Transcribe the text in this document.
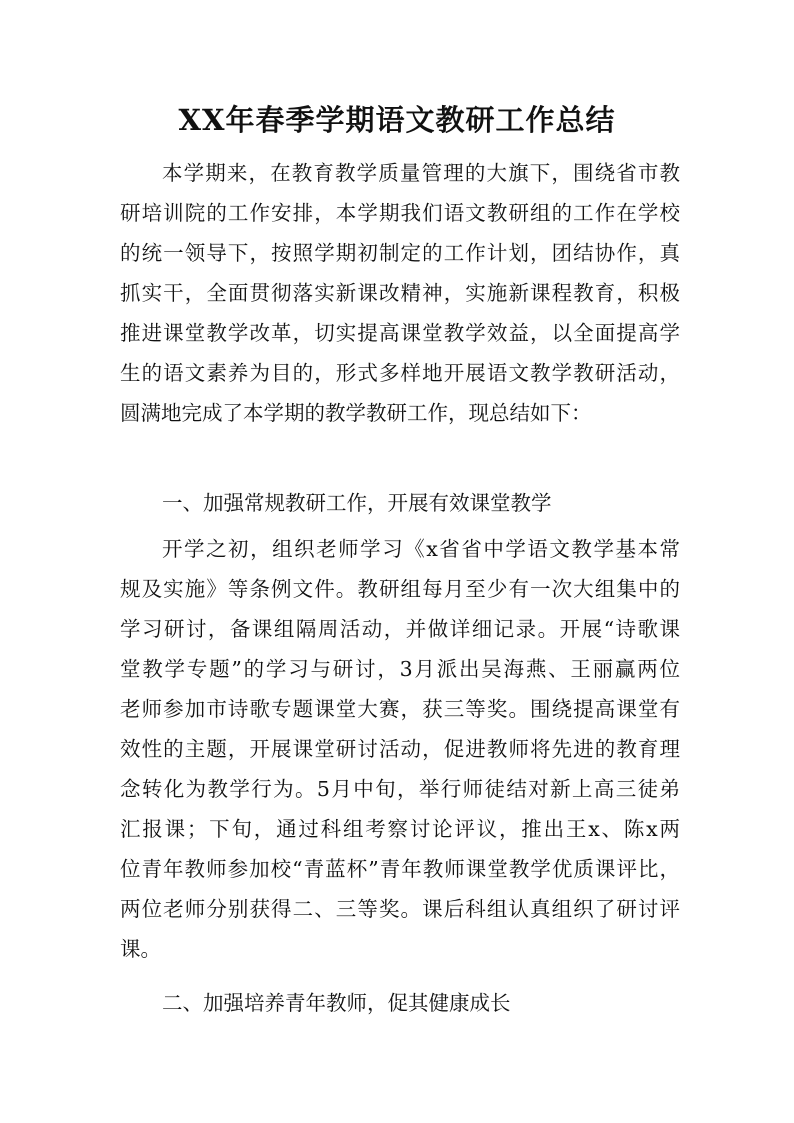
XX年春季学期语文教研工作总结

本学期来，在教育教学质量管理的大旗下，围绕省市教

研培训院的工作安排，本学期我们语文教研组的工作在学校

的统一领导下，按照学期初制定的工作计划，团结协作，真

抓实干，全面贯彻落实新课改精神，实施新课程教育，积极

推进课堂教学改革，切实提高课堂教学效益，以全面提高学

生的语文素养为目的，形式多样地开展语文教学教研活动，

圆满地完成了本学期的教学教研工作，现总结如下：

一、加强常规教研工作，开展有效课堂教学

开学之初，组织老师学习《x省省中学语文教学基本常

规及实施》等条例文件。教研组每月至少有一次大组集中的

学习研讨，备课组隔周活动，并做详细记录。开展“诗歌课

堂教学专题”的学习与研讨，3月派出吴海燕、王丽赢两位

老师参加市诗歌专题课堂大赛，获三等奖。围绕提高课堂有

效性的主题，开展课堂研讨活动，促进教师将先进的教育理

念转化为教学行为。5月中旬，举行师徒结对新上高三徒弟

汇报课；下旬，通过科组考察讨论评议，推出王x、陈x两

位青年教师参加校“青蓝杯”青年教师课堂教学优质课评比，

两位老师分别获得二、三等奖。课后科组认真组织了研讨评

课。

二、加强培养青年教师，促其健康成长
